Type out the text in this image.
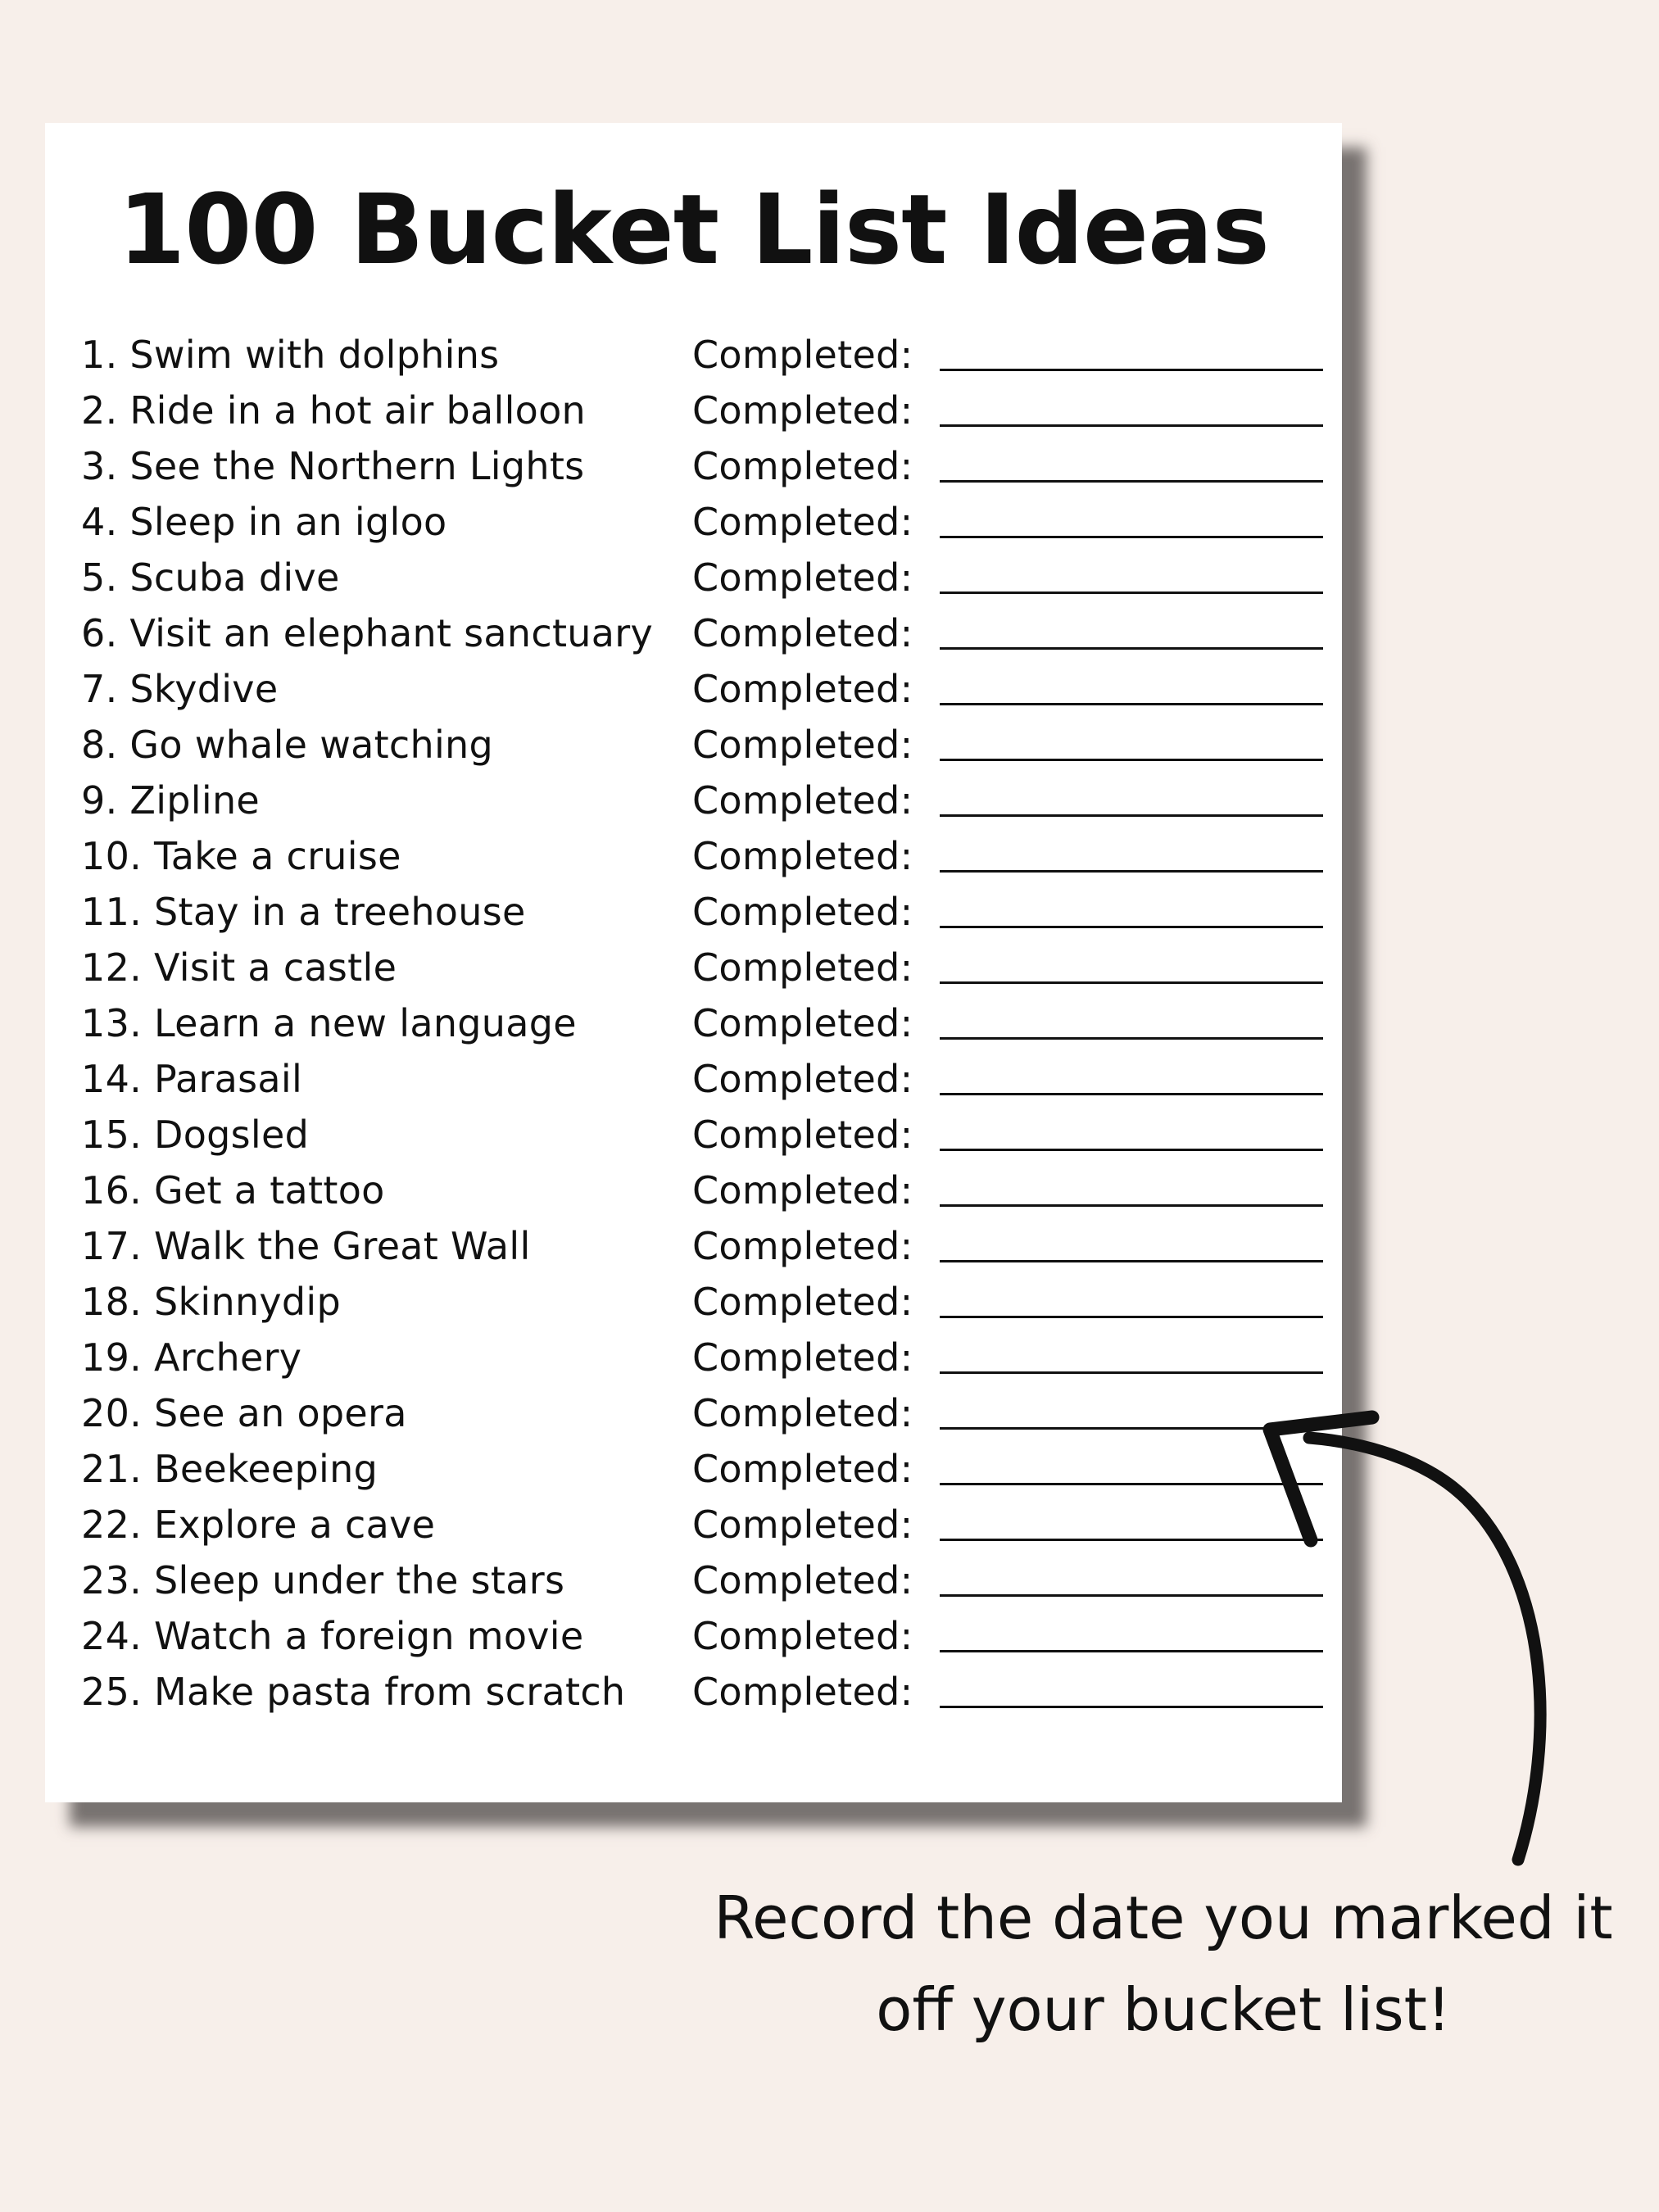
100 Bucket List Ideas
1. Swim with dolphins	Completed:
2. Ride in a hot air balloon	Completed:
3. See the Northern Lights	Completed:
4. Sleep in an igloo	Completed:
5. Scuba dive	Completed:
6. Visit an elephant sanctuary Completed:
7. Skydive	Completed:
8. Go whale watching	Completed:
9. Zipline	Completed:
10. Take a cruise	Completed:
11. Stay in a treehouse	Completed:
12. Visit a castle	Completed:
13. Learn a new language	Completed:
14. Parasail	Completed:
15. Dogsled	Completed:
16. Get a tattoo	Completed:
17. Walk the Great Wall	Completed:
18. Skinnydip	Completed:
19. Archery	Completed:
20. See an opera	Completed:
21. Beekeeping	Completed:
22. Explore a cave	Completed:
23. Sleep under the stars	Completed:
24. Watch a foreign movie	Completed:
25. Make pasta from scratch Completed:

Record the date you marked it
off your bucket list!
